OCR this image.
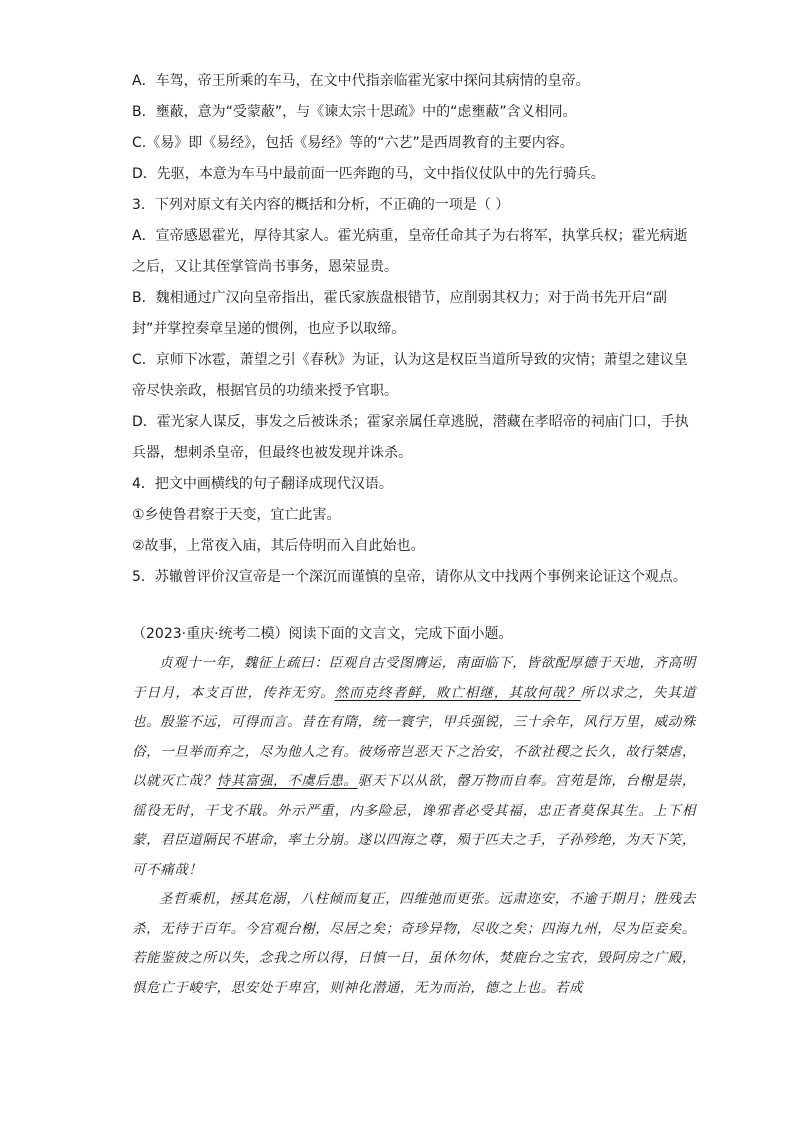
A．车驾，帝王所乘的车马，在文中代指亲临霍光家中探问其病情的皇帝。

B．壅蔽，意为“受蒙蔽”，与《谏太宗十思疏》中的“虑壅蔽”含义相同。

C.《易》即《易经》，包括《易经》等的“六艺”是西周教育的主要内容。

D．先驱，本意为车马中最前面一匹奔跑的马，文中指仪仗队中的先行骑兵。

3．下列对原文有关内容的概括和分析，不正确的一项是（ ）

A．宣帝感恩霍光，厚待其家人。霍光病重，皇帝任命其子为右将军，执掌兵权；霍光病逝之后，又让其侄掌管尚书事务，恩荣显贵。

B．魏相通过广汉向皇帝指出，霍氏家族盘根错节，应削弱其权力；对于尚书先开启“副封”并掌控奏章呈递的惯例，也应予以取缔。

C．京师下冰雹，萧望之引《春秋》为证，认为这是权臣当道所导致的灾情；萧望之建议皇帝尽快亲政，根据官员的功绩来授予官职。

D．霍光家人谋反，事发之后被诛杀；霍家亲属任章逃脱，潜藏在孝昭帝的祠庙门口，手执兵器，想刺杀皇帝，但最终也被发现并诛杀。

4．把文中画横线的句子翻译成现代汉语。

①乡使鲁君察于天变，宜亡此害。

②故事，上常夜入庙，其后侍明而入自此始也。

5．苏辙曾评价汉宣帝是一个深沉而谨慎的皇帝，请你从文中找两个事例来论证这个观点。

（2023·重庆·统考二模）阅读下面的文言文，完成下面小题。

贞观十一年，魏征上疏曰：臣观自古受图膺运，南面临下，皆欲配厚德于天地，齐高明于日月，本支百世，传祚无穷。然而克终者鲜，败亡相继，其故何哉？所以求之，失其道也。殷鉴不远，可得而言。昔在有隋，统一寰宇，甲兵强锐，三十余年，风行万里，威动殊俗，一旦举而弃之，尽为他人之有。彼炀帝岂恶天下之治安，不欲社稷之长久，故行桀虐，以就灭亡哉？恃其富强，不虞后患。驱天下以从欲，罄万物而自奉。宫苑是饰，台榭是崇，徭役无时，干戈不戢。外示严重，内多险忌，谗邪者必受其福，忠正者莫保其生。上下相蒙，君臣道隔民不堪命，率土分崩。遂以四海之尊，殒于匹夫之手，子孙殄绝，为天下笑，可不痛哉！

圣哲乘机，拯其危溺，八柱倾而复正，四维弛而更张。远肃迩安，不逾于期月；胜残去杀，无待于百年。今宫观台榭，尽居之矣；奇珍异物，尽收之矣；四海九州，尽为臣妾矣。若能鉴彼之所以失，念我之所以得，日慎一日，虽休勿休，焚鹿台之宝衣，毁阿房之广殿，惧危亡于峻宇，思安处于卑宫，则神化潜通，无为而治，德之上也。若成
